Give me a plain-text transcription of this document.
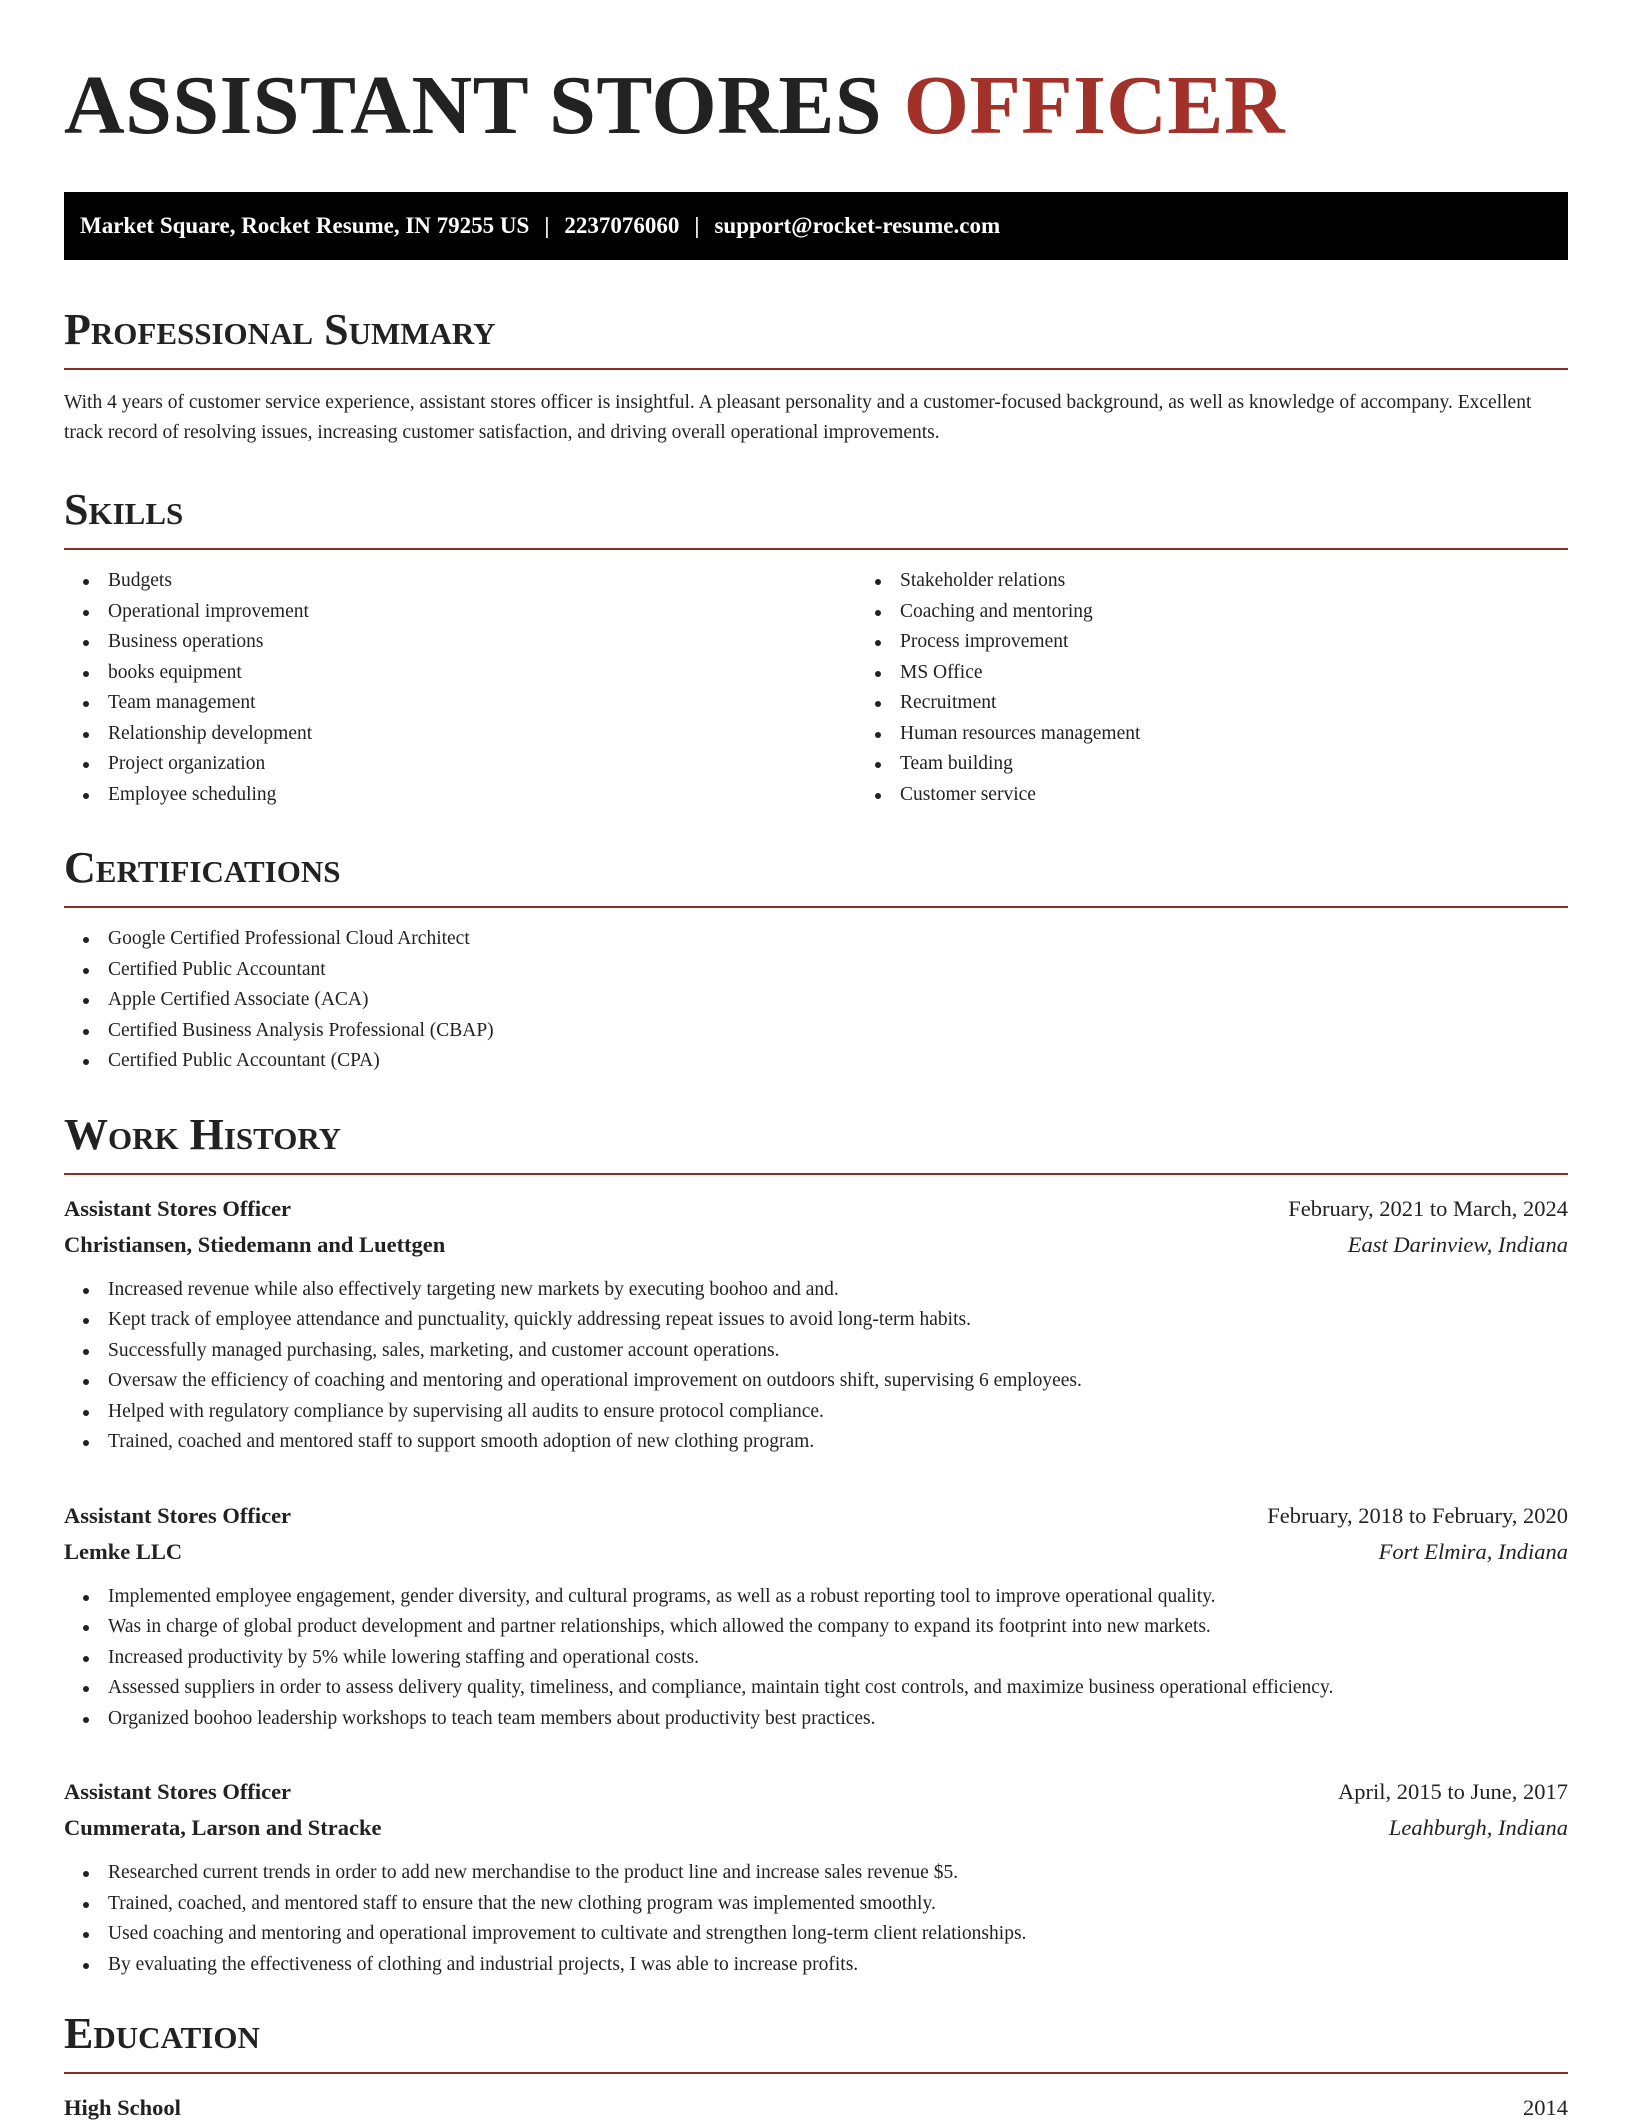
ASSISTANT STORES OFFICER
Market Square, Rocket Resume, IN 79255 US | 2237076060 | support@rocket-resume.com
Professional Summary

With 4 years of customer service experience, assistant stores officer is insightful. A pleasant personality and a customer-focused background, as well as knowledge of accompany. Excellent track record of resolving issues, increasing customer satisfaction, and driving overall operational improvements.

Skills
Budgets
Operational improvement
Business operations
books equipment
Team management
Relationship development
Project organization
Employee scheduling
Stakeholder relations
Coaching and mentoring
Process improvement
MS Office
Recruitment
Human resources management
Team building
Customer service
Certifications
Google Certified Professional Cloud Architect
Certified Public Accountant
Apple Certified Associate (ACA)
Certified Business Analysis Professional (CBAP)
Certified Public Accountant (CPA)
Work History
Assistant Stores Officer	February, 2021 to March, 2024
Christiansen, Stiedemann and Luettgen	East Darinview, Indiana
Increased revenue while also effectively targeting new markets by executing boohoo and and.
Kept track of employee attendance and punctuality, quickly addressing repeat issues to avoid long-term habits.
Successfully managed purchasing, sales, marketing, and customer account operations.
Oversaw the efficiency of coaching and mentoring and operational improvement on outdoors shift, supervising 6 employees.
Helped with regulatory compliance by supervising all audits to ensure protocol compliance.
Trained, coached and mentored staff to support smooth adoption of new clothing program.
Assistant Stores Officer	February, 2018 to February, 2020
Lemke LLC	Fort Elmira, Indiana
Implemented employee engagement, gender diversity, and cultural programs, as well as a robust reporting tool to improve operational quality.
Was in charge of global product development and partner relationships, which allowed the company to expand its footprint into new markets.
Increased productivity by 5% while lowering staffing and operational costs.
Assessed suppliers in order to assess delivery quality, timeliness, and compliance, maintain tight cost controls, and maximize business operational efficiency.
Organized boohoo leadership workshops to teach team members about productivity best practices.
Assistant Stores Officer	April, 2015 to June, 2017
Cummerata, Larson and Stracke	Leahburgh, Indiana
Researched current trends in order to add new merchandise to the product line and increase sales revenue $5.
Trained, coached, and mentored staff to ensure that the new clothing program was implemented smoothly.
Used coaching and mentoring and operational improvement to cultivate and strengthen long-term client relationships.
By evaluating the effectiveness of clothing and industrial projects, I was able to increase profits.
Education
High School	2014
